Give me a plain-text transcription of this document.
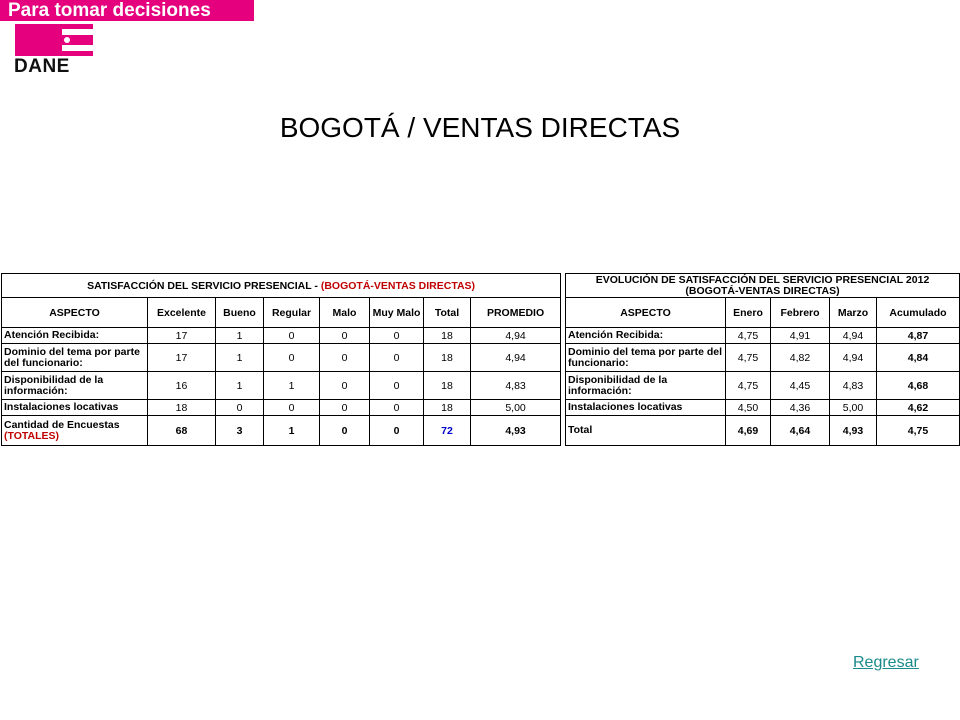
Para tomar decisiones
DANE
BOGOTÁ / VENTAS DIRECTAS
SATISFACCIÓN DEL SERVICIO PRESENCIAL - (BOGOTÁ-VENTAS DIRECTAS)							
ASPECTO	Excelente	Bueno	Regular	Malo	Muy Malo	Total	PROMEDIO
Atención Recibida:	17	1	0	0	0	18	4,94
Dominio del tema por parte del funcionario:	17	1	0	0	0	18	4,94
Disponibilidad de la información:	16	1	1	0	0	18	4,83
Instalaciones locativas	18	0	0	0	0	18	5,00
Cantidad de Encuestas
(TOTALES)	68	3	1	0	0	72	4,93
EVOLUCIÓN DE SATISFACCIÓN DEL SERVICIO PRESENCIAL 2012
(BOGOTÁ-VENTAS DIRECTAS)				
ASPECTO	Enero	Febrero	Marzo	Acumulado
Atención Recibida:	4,75	4,91	4,94	4,87
Dominio del tema por parte del funcionario:	4,75	4,82	4,94	4,84
Disponibilidad de la información:	4,75	4,45	4,83	4,68
Instalaciones locativas	4,50	4,36	5,00	4,62
Total	4,69	4,64	4,93	4,75
Regresar
